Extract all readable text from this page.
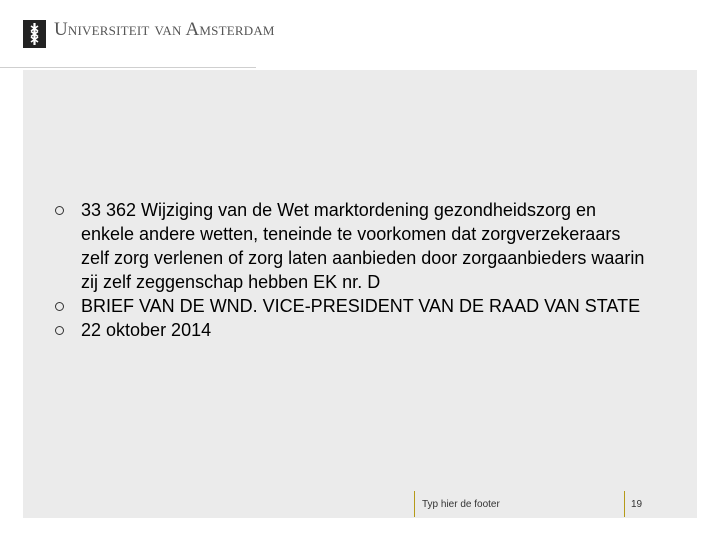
Universiteit van Amsterdam
33 362 Wijziging van de Wet marktordening gezondheidszorg en enkele andere wetten, teneinde te voorkomen dat zorgverzekeraars zelf zorg verlenen of zorg laten aanbieden door zorgaanbieders waarin zij zelf zeggenschap hebben EK nr. D
BRIEF VAN DE WND. VICE-PRESIDENT VAN DE RAAD VAN STATE
22 oktober 2014
Typ hier de footer	19
